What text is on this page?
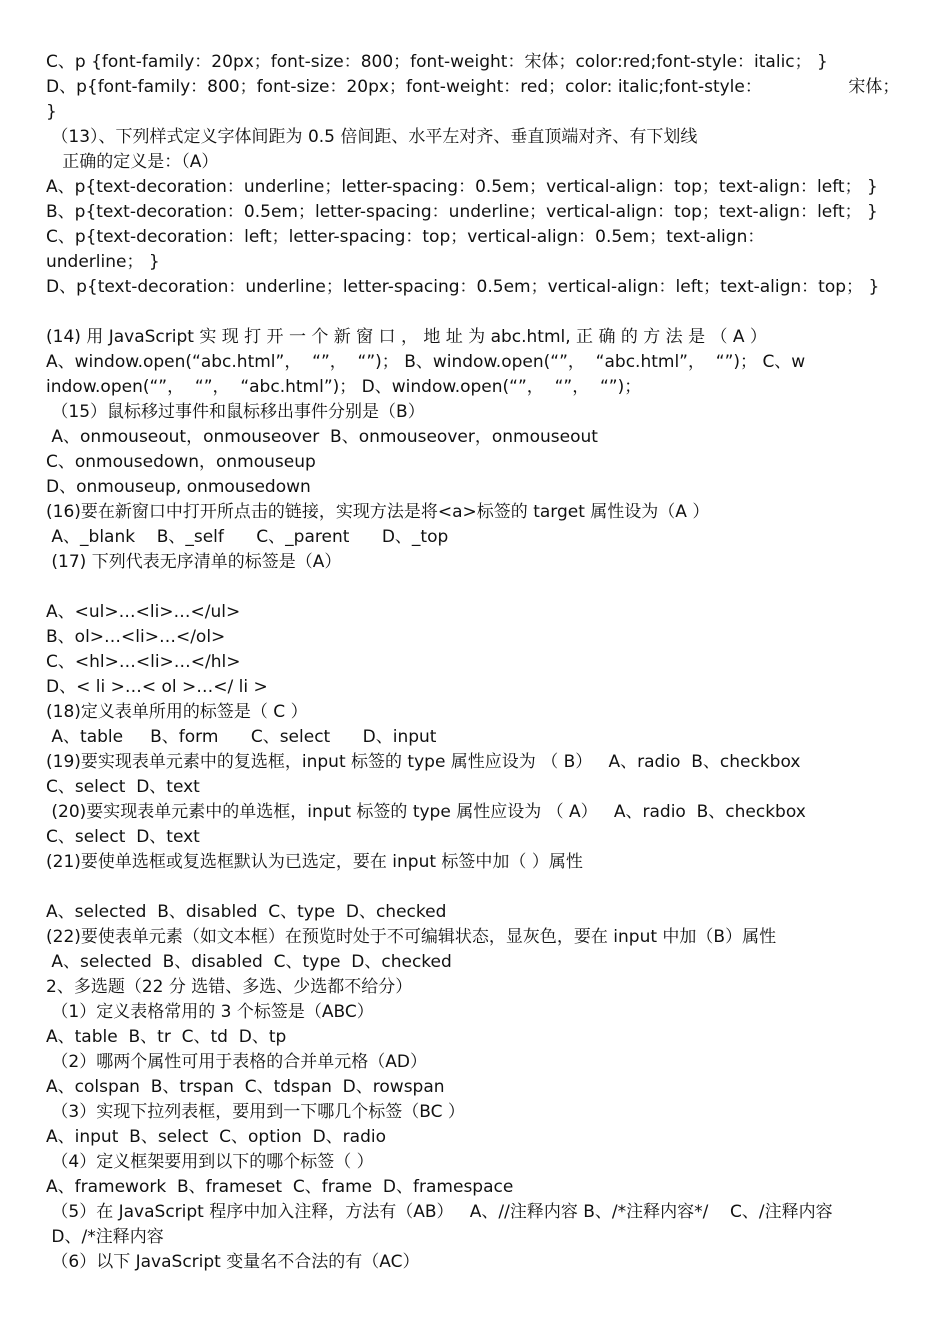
C、p {font-family：20px；font-size：800；font-weight：宋体；color:red;font-style：italic； }
D、p{font-family：800；font-size：20px；font-weight：red；color: italic;font-style：                宋体；
}
（13）、下列样式定义字体间距为 0.5 倍间距、水平左对齐、垂直顶端对齐、有下划线
正确的定义是：（A）
A、p{text-decoration：underline；letter-spacing：0.5em；vertical-align：top；text-align：left； }
B、p{text-decoration：0.5em；letter-spacing：underline；vertical-align：top；text-align：left； }
C、p{text-decoration：left；letter-spacing：top；vertical-align：0.5em；text-align：
underline； }
D、p{text-decoration：underline；letter-spacing：0.5em；vertical-align：left；text-align：top； }
(14) 用 JavaScript 实 现 打 开 一 个 新 窗 口 ， 地 址 为 abc.html, 正 确 的 方 法 是 （ A ）
A、window.open(“abc.html”，  “”，  “”)； B、window.open(“”，  “abc.html”，  “”)； C、w
indow.open(“”，  “”，  “abc.html”)； D、window.open(“”，  “”，  “”)；
（15）鼠标移过事件和鼠标移出事件分别是（B）
A、onmouseout，onmouseover  B、onmouseover，onmouseout
C、onmousedown，onmouseup
D、onmouseup, onmousedown
(16)要在新窗口中打开所点击的链接，实现方法是将<a>标签的 target 属性设为（A ）
A、_blank    B、_self      C、_parent      D、_top
(17) 下列代表无序清单的标签是（A）
A、<ul>…<li>…</ul>
B、ol>…<li>…</ol>
C、<hl>…<li>…</hl>
D、< li >…< ol >…</ li >
(18)定义表单所用的标签是（ C ）
A、table     B、form      C、select      D、input
(19)要实现表单元素中的复选框，input 标签的 type 属性应设为 （ B）   A、radio  B、checkbox
C、select  D、text
(20)要实现表单元素中的单选框，input 标签的 type 属性应设为 （ A）   A、radio  B、checkbox
C、select  D、text
(21)要使单选框或复选框默认为已选定，要在 input 标签中加（ ）属性
A、selected  B、disabled  C、type  D、checked
(22)要使表单元素（如文本框）在预览时处于不可编辑状态，显灰色，要在 input 中加（B）属性
A、selected  B、disabled  C、type  D、checked
2、多选题（22 分 选错、多选、少选都不给分）
（1）定义表格常用的 3 个标签是（ABC）
A、table  B、tr  C、td  D、tp
（2）哪两个属性可用于表格的合并单元格（AD）
A、colspan  B、trspan  C、tdspan  D、rowspan
（3）实现下拉列表框，要用到一下哪几个标签（BC ）
A、input  B、select  C、option  D、radio
（4）定义框架要用到以下的哪个标签（ ）
A、framework  B、frameset  C、frame  D、framespace
（5）在 JavaScript 程序中加入注释，方法有（AB）   A、//注释内容 B、/*注释内容*/    C、/注释内容
D、/*注释内容
（6）以下 JavaScript 变量名不合法的有（AC）
